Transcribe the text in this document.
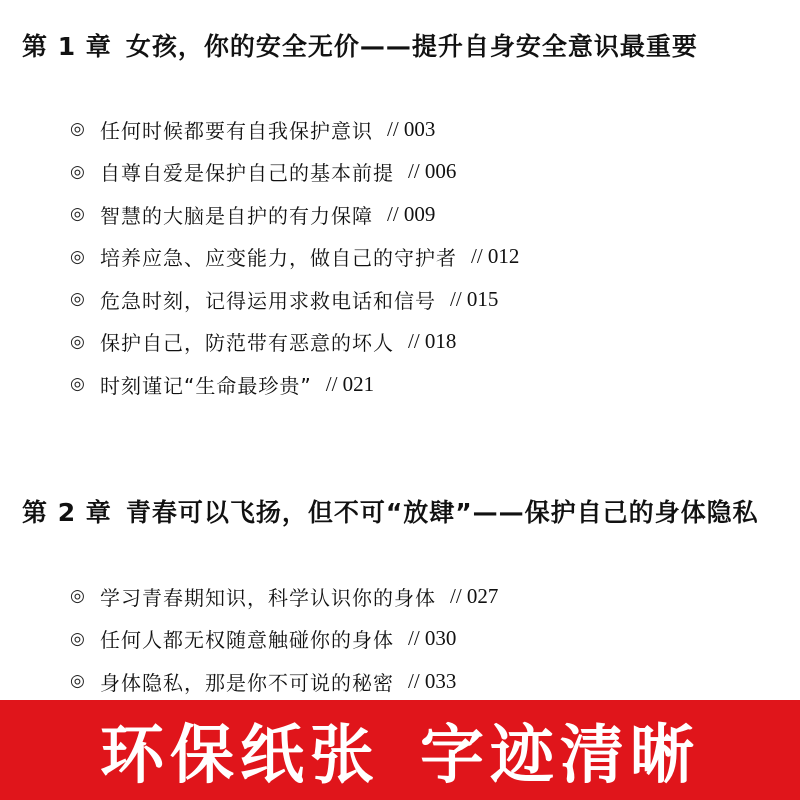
第 1 章 女孩，你的安全无价——提升自身安全意识最重要
◎ 任何时候都要有自我保护意识 // 003
◎ 自尊自爱是保护自己的基本前提 // 006
◎ 智慧的大脑是自护的有力保障 // 009
◎ 培养应急、应变能力，做自己的守护者 // 012
◎ 危急时刻，记得运用求救电话和信号 // 015
◎ 保护自己，防范带有恶意的坏人 // 018
◎ 时刻谨记“生命最珍贵” // 021
第 2 章 青春可以飞扬，但不可“放肆”——保护自己的身体隐私
◎ 学习青春期知识，科学认识你的身体 // 027
◎ 任何人都无权随意触碰你的身体 // 030
◎ 身体隐私，那是你不可说的秘密 // 033
环保纸张 字迹清晰
